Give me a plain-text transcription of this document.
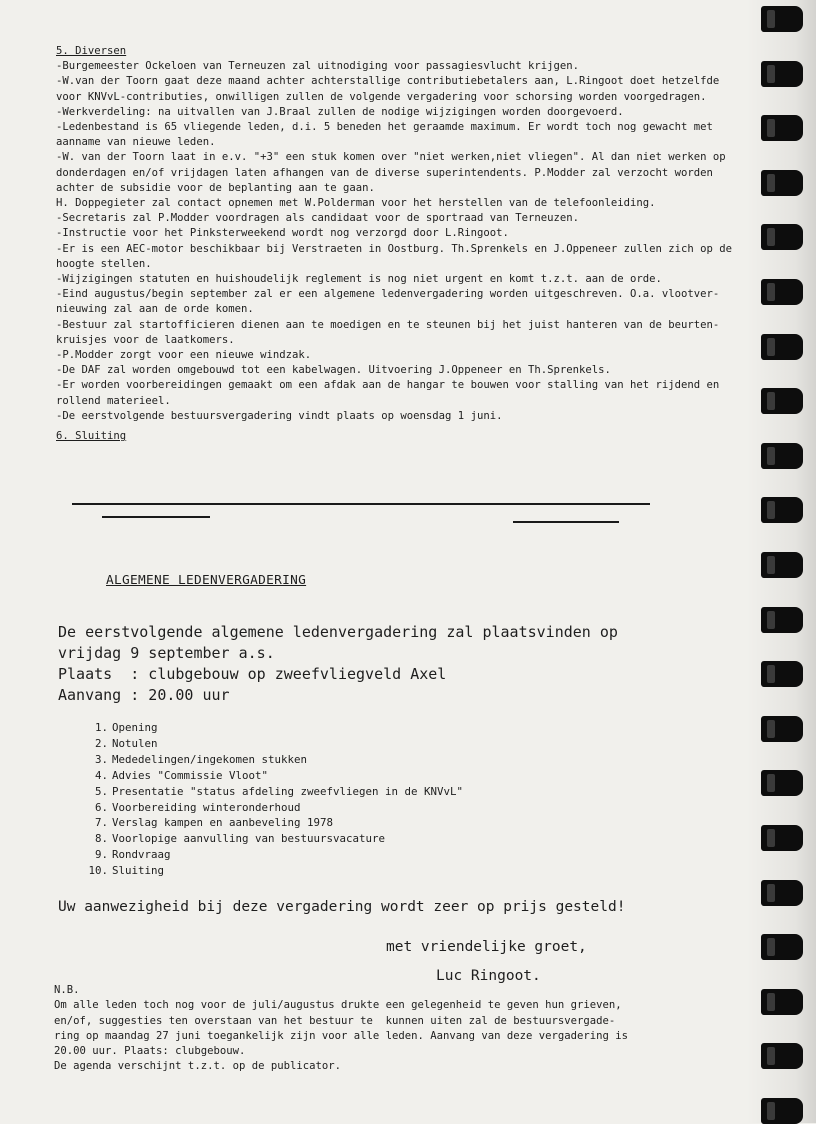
5. Diversen
-Burgemeester Ockeloen van Terneuzen zal uitnodiging voor passagiesvlucht krijgen.
-W.van der Toorn gaat deze maand achter achterstallige contributiebetalers aan, L.Ringoot doet hetzelfde
voor KNVvL-contributies, onwilligen zullen de volgende vergadering voor schorsing worden voorgedragen.
-Werkverdeling: na uitvallen van J.Braal zullen de nodige wijzigingen worden doorgevoerd.
-Ledenbestand is 65 vliegende leden, d.i. 5 beneden het geraamde maximum. Er wordt toch nog gewacht met
aanname van nieuwe leden.
-W. van der Toorn laat in e.v. "+3" een stuk komen over "niet werken,niet vliegen". Al dan niet werken op
donderdagen en/of vrijdagen laten afhangen van de diverse superintendents. P.Modder zal verzocht worden
achter de subsidie voor de beplanting aan te gaan.
H. Doppegieter zal contact opnemen met W.Polderman voor het herstellen van de telefoonleiding.
-Secretaris zal P.Modder voordragen als candidaat voor de sportraad van Terneuzen.
-Instructie voor het Pinksterweekend wordt nog verzorgd door L.Ringoot.
-Er is een AEC-motor beschikbaar bij Verstraeten in Oostburg. Th.Sprenkels en J.Oppeneer zullen zich op de
hoogte stellen.
-Wijzigingen statuten en huishoudelijk reglement is nog niet urgent en komt t.z.t. aan de orde.
-Eind augustus/begin september zal er een algemene ledenvergadering worden uitgeschreven. O.a. vlootver-
nieuwing zal aan de orde komen.
-Bestuur zal startofficieren dienen aan te moedigen en te steunen bij het juist hanteren van de beurten-
kruisjes voor de laatkomers.
-P.Modder zorgt voor een nieuwe windzak.
-De DAF zal worden omgebouwd tot een kabelwagen. Uitvoering J.Oppeneer en Th.Sprenkels.
-Er worden voorbereidingen gemaakt om een afdak aan de hangar te bouwen voor stalling van het rijdend en
rollend materieel.
-De eerstvolgende bestuursvergadering vindt plaats op woensdag 1 juni.
6. Sluiting
ALGEMENE LEDENVERGADERING
De eerstvolgende algemene ledenvergadering zal plaatsvinden op
vrijdag 9 september a.s.
Plaats  : clubgebouw op zweefvliegveld Axel
Aanvang : 20.00 uur
1. Opening
2. Notulen
3. Mededelingen/ingekomen stukken
4. Advies "Commissie Vloot"
5. Presentatie "status afdeling zweefvliegen in de KNVvL"
6. Voorbereiding winteronderhoud
7. Verslag kampen en aanbeveling 1978
8. Voorlopige aanvulling van bestuursvacature
9. Rondvraag
10. Sluiting
Uw aanwezigheid bij deze vergadering wordt zeer op prijs gesteld!
met vriendelijke groet,
Luc Ringoot.
N.B.
Om alle leden toch nog voor de juli/augustus drukte een gelegenheid te geven hun grieven,
en/of, suggesties ten overstaan van het bestuur te  kunnen uiten zal de bestuursvergade-
ring op maandag 27 juni toegankelijk zijn voor alle leden. Aanvang van deze vergadering is
20.00 uur. Plaats: clubgebouw.
De agenda verschijnt t.z.t. op de publicator.
